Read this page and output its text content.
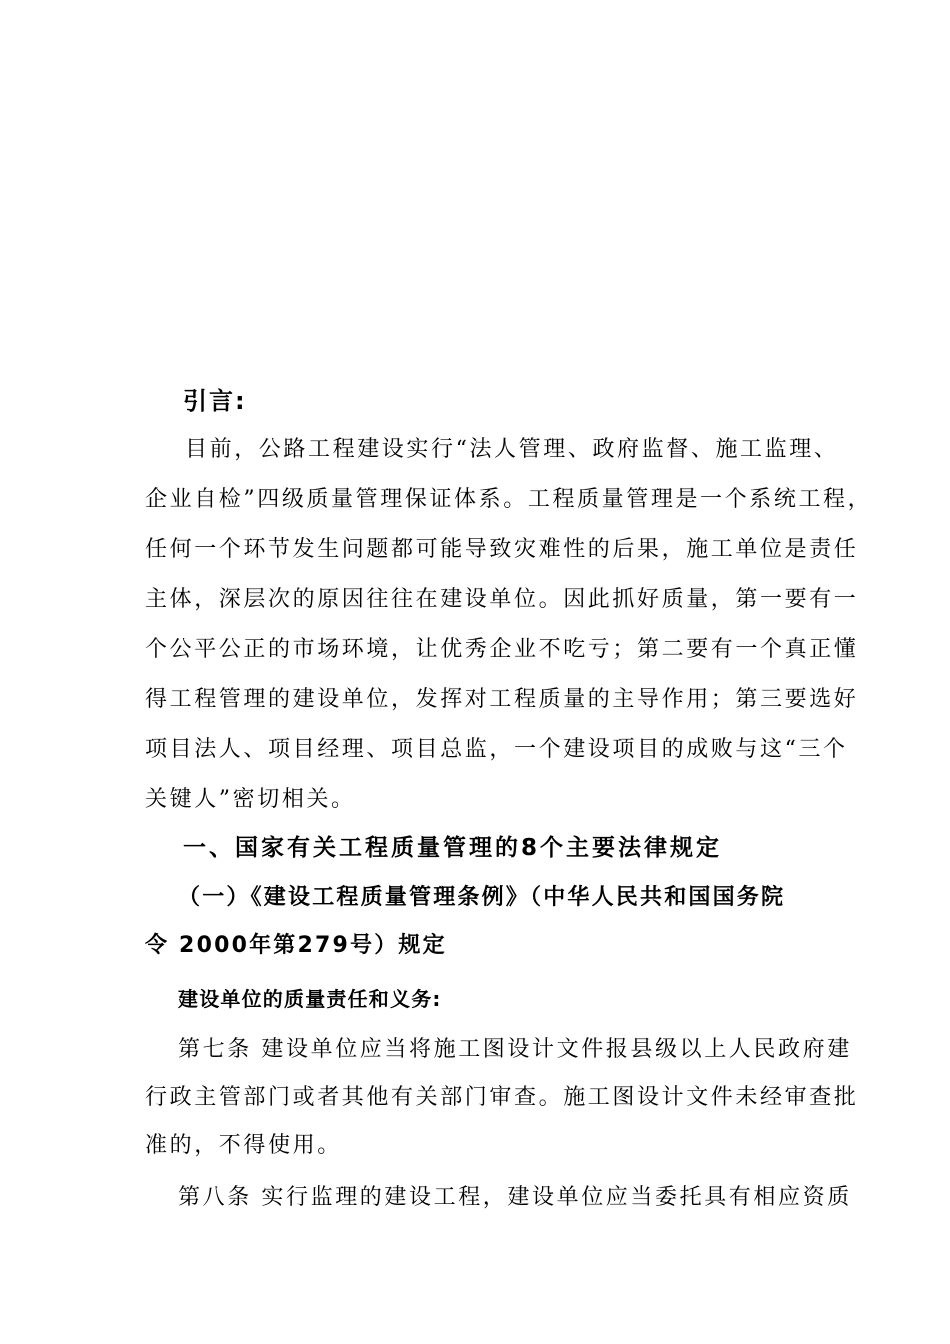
引言:
目前，公路工程建设实行“法人管理、政府监督、施工监理、
企业自检”四级质量管理保证体系。工程质量管理是一个系统工程，
任何一个环节发生问题都可能导致灾难性的后果，施工单位是责任
主体，深层次的原因往往在建设单位。因此抓好质量，第一要有一
个公平公正的市场环境，让优秀企业不吃亏；第二要有一个真正懂
得工程管理的建设单位，发挥对工程质量的主导作用；第三要选好
项目法人、项目经理、项目总监，一个建设项目的成败与这“三个
关键人”密切相关。
一、国家有关工程质量管理的8个主要法律规定
（一）《建设工程质量管理条例》（中华人民共和国国务院
令 2000年第279号）规定
建设单位的质量责任和义务:
第七条 建设单位应当将施工图设计文件报县级以上人民政府建
行政主管部门或者其他有关部门审查。施工图设计文件未经审查批
准的，不得使用。
第八条 实行监理的建设工程，建设单位应当委托具有相应资质
